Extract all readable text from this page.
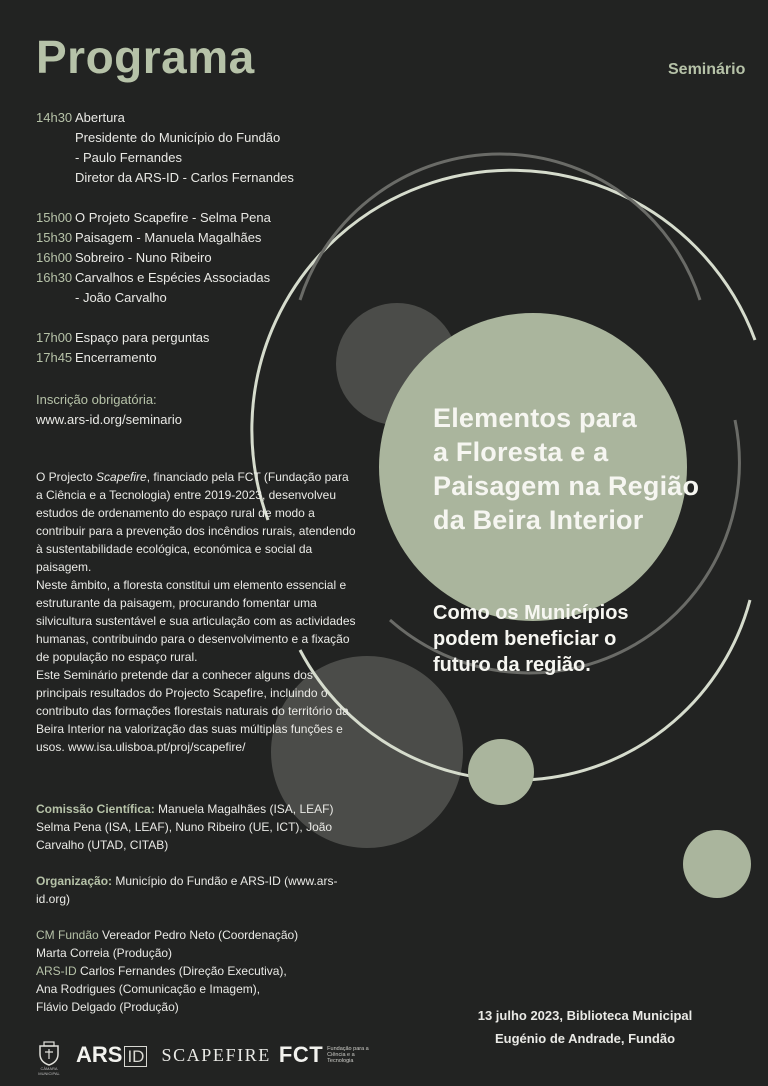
Programa	Seminário
14h30 Abertura
Presidente do Município do Fundão
- Paulo Fernandes
Diretor da ARS-ID - Carlos Fernandes
15h00 O Projeto Scapefire - Selma Pena
15h30 Paisagem - Manuela Magalhães
16h00 Sobreiro - Nuno Ribeiro
16h30 Carvalhos e Espécies Associadas
- João Carvalho
17h00 Espaço para perguntas
17h45 Encerramento
Inscrição obrigatória:
www.ars-id.org/seminario

O Projecto Scapefire, financiado pela FCT (Fundação para a Ciência e a Tecnologia) entre 2019-2023, desenvolveu estudos de ordenamento do espaço rural de modo a contribuir para a prevenção dos incêndios rurais, atendendo à sustentabilidade ecológica, económica e social da paisagem.

Neste âmbito, a floresta constitui um elemento essencial e estruturante da paisagem, procurando fomentar uma silvicultura sustentável e sua articulação com as actividades humanas, contribuindo para o desenvolvimento e a fixação de população no espaço rural.

Este Seminário pretende dar a conhecer alguns dos principais resultados do Projecto Scapefire, incluindo o contributo das formações florestais naturais do território da Beira Interior na valorização das suas múltiplas funções e usos. www.isa.ulisboa.pt/proj/scapefire/

Comissão Científica: Manuela Magalhães (ISA, LEAF) Selma Pena (ISA, LEAF), Nuno Ribeiro (UE, ICT), João Carvalho (UTAD, CITAB)

Organização: Município do Fundão e ARS-ID (www.ars-id.org)

CM Fundão Vereador Pedro Neto (Coordenação)
Marta Correia (Produção)
ARS-ID Carlos Fernandes (Direção Executiva),
Ana Rodrigues (Comunicação e Imagem),
Flávio Delgado (Produção)
Elementos para
a Floresta e a
Paisagem na Região
da Beira Interior
Como os Municípios
podem beneficiar o
futuro da região.
13 julho 2023, Biblioteca Municipal
Eugénio de Andrade, Fundão
CÂMARA MUNICIPAL
ARS ID SCAPEFIRE FCT Fundação para a Ciência e a Tecnologia
